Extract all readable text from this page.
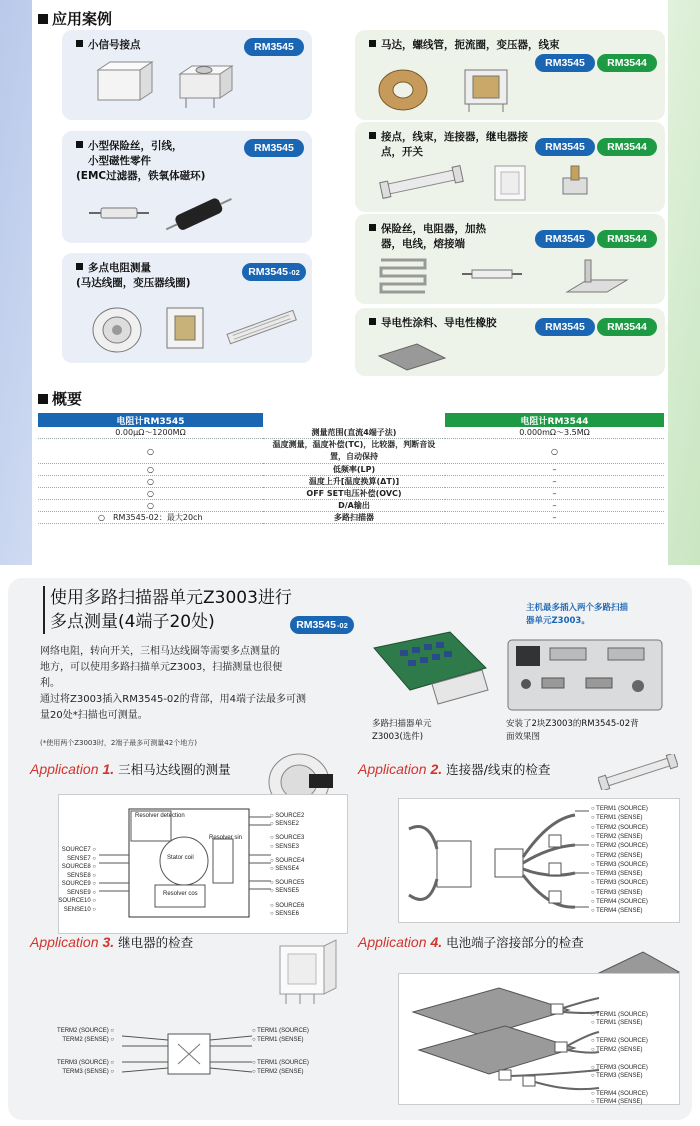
应用案例
小信号接点	RM3545
小型保险丝，引线，
小型磁性零件
(EMC过滤器，铁氧体磁环)
RM3545
多点电阻测量
(马达线圈，变压器线圈)
RM3545 -02
马达，螺线管，扼流圈，变压器，线束
RM3545	RM3544
接点，线束，连接器，继电器接
点，开关	RM3545	RM3544
保险丝，电阻器，加热
器，电线，熔接端	RM3545	RM3544
导电性涂料、导电性橡胶	RM3545	RM3544
概要
电阻计RM3545		电阻计RM3544
0.00μΩ～1200MΩ	测量范围(直流4端子法)	0.000mΩ～3.5MΩ
○	温度测量，温度补偿(TC)，比较器，判断音设置，自动保持	○
○	低频率(LP)	–
○	温度上升[温度换算(ΔT)]	–
○	OFF SET电压补偿(OVC)	–
○	D/A输出	–
○　RM3545-02：最大20ch	多路扫描器	–
使用多路扫描器单元Z3003进行
多点测量(4端子20处)	RM3545 -02
网络电阻，转向开关，三相马达线圈等需要多点测量的
地方，可以使用多路扫描单元Z3003，扫描测量也很便
利。
通过将Z3003插入RM3545-02的背部，用4端子法最多可测
量20处*扫描也可测量。
(*使用两个Z3003时，2端子最多可测量42个地方)
多路扫描器单元
Z3003(选件)
主机最多插入两个多路扫描
器单元Z3003。
安装了2块Z3003的RM3545-02背
面效果图
Application 1. 三相马达线圈的测量
Resolver detection
Stator coil
Resolver sin
Resolver cos
SOURCE7 ○
SENSE7 ○
SOURCE8 ○
SENSE8 ○
SOURCE9 ○
SENSE9 ○
SOURCE10 ○
SENSE10 ○
○ SOURCE2
○ SENSE2
○ SOURCE3
○ SENSE3
○ SOURCE4
○ SENSE4
○ SOURCE5
○ SENSE5
○ SOURCE6
○ SENSE6
Application 2. 连接器/线束的检查
○ TERM1 (SOURCE)
○ TERM1 (SENSE)
○ TERM2 (SOURCE)
○ TERM2 (SENSE)
○ TERM2 (SOURCE)
○ TERM2 (SENSE)
○ TERM3 (SOURCE)
○ TERM3 (SENSE)
○ TERM3 (SOURCE)
○ TERM3 (SENSE)
○ TERM4 (SOURCE)
○ TERM4 (SENSE)
Application 3. 继电器的检查
TERM2 (SOURCE) ○
TERM2 (SENSE) ○
TERM3 (SOURCE) ○
TERM3 (SENSE) ○
○ TERM1 (SOURCE)
○ TERM1 (SENSE)
○ TERM1 (SOURCE)
○ TERM2 (SENSE)
Application 4. 电池端子溶接部分的检查
○ TERM1 (SOURCE)
○ TERM1 (SENSE)
○ TERM2 (SOURCE)
○ TERM2 (SENSE)
○ TERM3 (SOURCE)
○ TERM3 (SENSE)
○ TERM4 (SOURCE)
○ TERM4 (SENSE)
